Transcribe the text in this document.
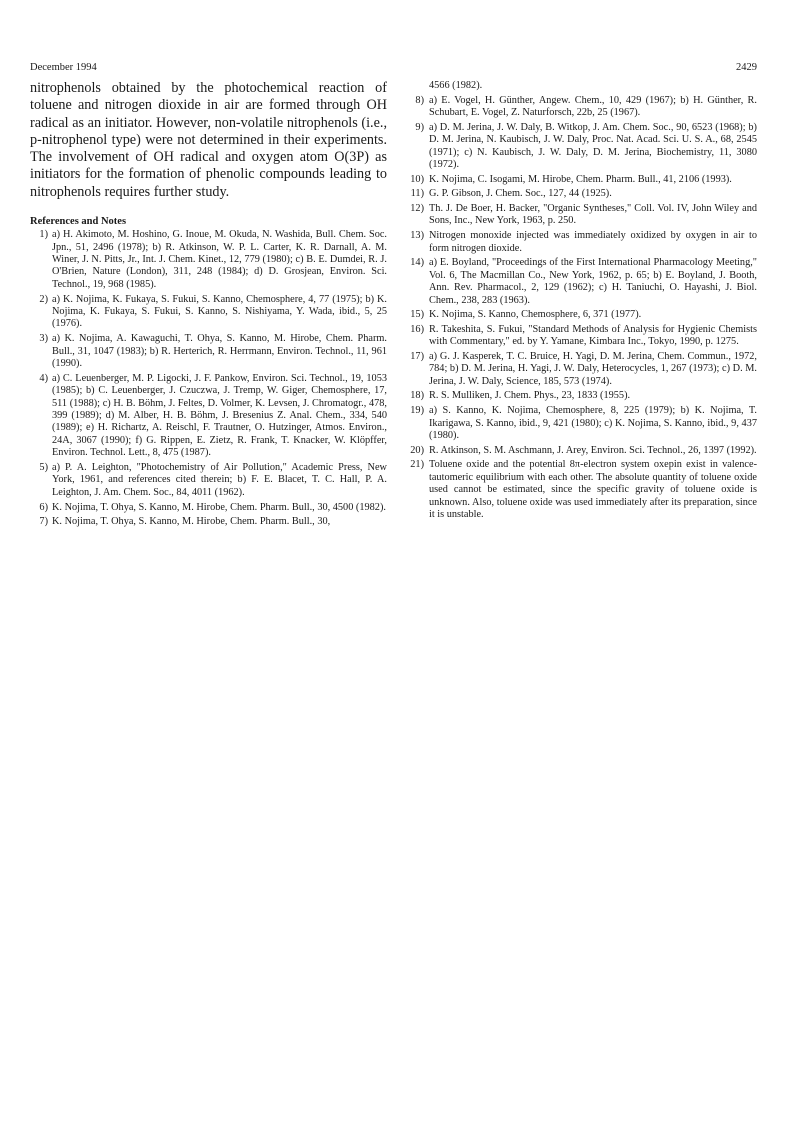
December 1994	2429

nitrophenols obtained by the photochemical reaction of toluene and nitrogen dioxide in air are formed through OH radical as an initiator. However, non-volatile nitrophenols (i.e., p-nitrophenol type) were not determined in their experiments. The involvement of OH radical and oxygen atom O(3P) as initiators for the formation of phenolic compounds leading to nitrophenols requires further study.

References and Notes
1) a) H. Akimoto, M. Hoshino, G. Inoue, M. Okuda, N. Washida, Bull. Chem. Soc. Jpn., 51, 2496 (1978); b) R. Atkinson, W. P. L. Carter, K. R. Darnall, A. M. Winer, J. N. Pitts, Jr., Int. J. Chem. Kinet., 12, 779 (1980); c) B. E. Dumdei, R. J. O'Brien, Nature (London), 311, 248 (1984); d) D. Grosjean, Environ. Sci. Technol., 19, 968 (1985).
2) a) K. Nojima, K. Fukaya, S. Fukui, S. Kanno, Chemosphere, 4, 77 (1975); b) K. Nojima, K. Fukaya, S. Fukui, S. Kanno, S. Nishiyama, Y. Wada, ibid., 5, 25 (1976).
3) a) K. Nojima, A. Kawaguchi, T. Ohya, S. Kanno, M. Hirobe, Chem. Pharm. Bull., 31, 1047 (1983); b) R. Herterich, R. Herrmann, Environ. Technol., 11, 961 (1990).
4) a) C. Leuenberger, M. P. Ligocki, J. F. Pankow, Environ. Sci. Technol., 19, 1053 (1985); b) C. Leuenberger, J. Czuczwa, J. Tremp, W. Giger, Chemosphere, 17, 511 (1988); c) H. B. Böhm, J. Feltes, D. Volmer, K. Levsen, J. Chromatogr., 478, 399 (1989); d) M. Alber, H. B. Böhm, J. Bresenius Z. Anal. Chem., 334, 540 (1989); e) H. Richartz, A. Reischl, F. Trautner, O. Hutzinger, Atmos. Environ., 24A, 3067 (1990); f) G. Rippen, E. Zietz, R. Frank, T. Knacker, W. Klöpffer, Environ. Technol. Lett., 8, 475 (1987).
5) a) P. A. Leighton, "Photochemistry of Air Pollution," Academic Press, New York, 1961, and references cited therein; b) F. E. Blacet, T. C. Hall, P. A. Leighton, J. Am. Chem. Soc., 84, 4011 (1962).
6) K. Nojima, T. Ohya, S. Kanno, M. Hirobe, Chem. Pharm. Bull., 30, 4500 (1982).
7) K. Nojima, T. Ohya, S. Kanno, M. Hirobe, Chem. Pharm. Bull., 30,
4566 (1982).
8) a) E. Vogel, H. Günther, Angew. Chem., 10, 429 (1967); b) H. Günther, R. Schubart, E. Vogel, Z. Naturforsch, 22b, 25 (1967).
9) a) D. M. Jerina, J. W. Daly, B. Witkop, J. Am. Chem. Soc., 90, 6523 (1968); b) D. M. Jerina, N. Kaubisch, J. W. Daly, Proc. Nat. Acad. Sci. U. S. A., 68, 2545 (1971); c) N. Kaubisch, J. W. Daly, D. M. Jerina, Biochemistry, 11, 3080 (1972).
10) K. Nojima, C. Isogami, M. Hirobe, Chem. Pharm. Bull., 41, 2106 (1993).
11) G. P. Gibson, J. Chem. Soc., 127, 44 (1925).
12) Th. J. De Boer, H. Backer, "Organic Syntheses," Coll. Vol. IV, John Wiley and Sons, Inc., New York, 1963, p. 250.
13) Nitrogen monoxide injected was immediately oxidized by oxygen in air to form nitrogen dioxide.
14) a) E. Boyland, "Proceedings of the First International Pharmacology Meeting," Vol. 6, The Macmillan Co., New York, 1962, p. 65; b) E. Boyland, J. Booth, Ann. Rev. Pharmacol., 2, 129 (1962); c) H. Taniuchi, O. Hayashi, J. Biol. Chem., 238, 283 (1963).
15) K. Nojima, S. Kanno, Chemosphere, 6, 371 (1977).
16) R. Takeshita, S. Fukui, "Standard Methods of Analysis for Hygienic Chemists with Commentary," ed. by Y. Yamane, Kimbara Inc., Tokyo, 1990, p. 1275.
17) a) G. J. Kasperek, T. C. Bruice, H. Yagi, D. M. Jerina, Chem. Commun., 1972, 784; b) D. M. Jerina, H. Yagi, J. W. Daly, Heterocycles, 1, 267 (1973); c) D. M. Jerina, J. W. Daly, Science, 185, 573 (1974).
18) R. S. Mulliken, J. Chem. Phys., 23, 1833 (1955).
19) a) S. Kanno, K. Nojima, Chemosphere, 8, 225 (1979); b) K. Nojima, T. Ikarigawa, S. Kanno, ibid., 9, 421 (1980); c) K. Nojima, S. Kanno, ibid., 9, 437 (1980).
20) R. Atkinson, S. M. Aschmann, J. Arey, Environ. Sci. Technol., 26, 1397 (1992).
21) Toluene oxide and the potential 8π-electron system oxepin exist in valence-tautomeric equilibrium with each other. The absolute quantity of toluene oxide used cannot be estimated, since the specific gravity of toluene oxide is unknown. Also, toluene oxide was used immediately after its preparation, since it is unstable.
